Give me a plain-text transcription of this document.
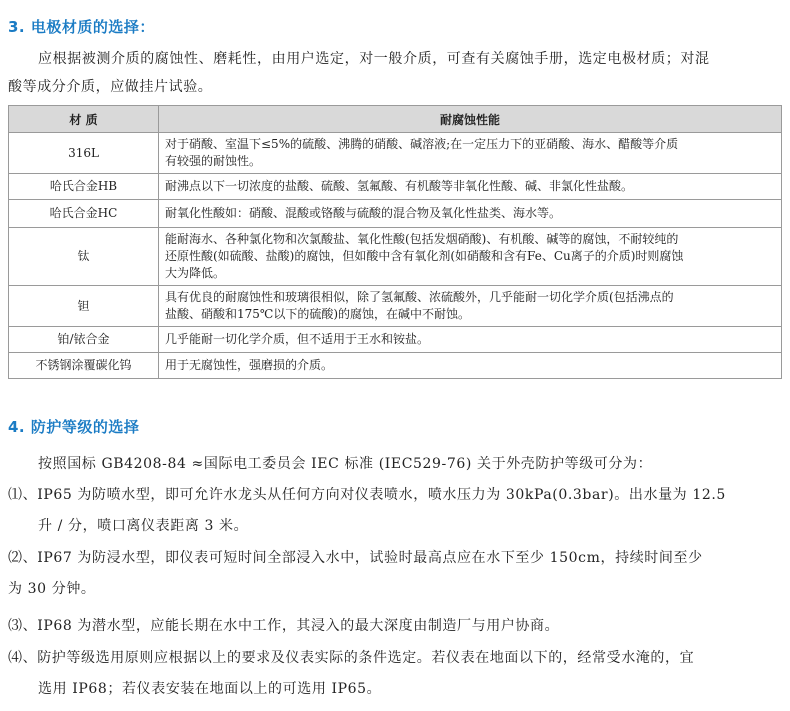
3. 电极材质的选择：
应根据被测介质的腐蚀性、磨耗性，由用户选定，对一般介质，可查有关腐蚀手册，选定电极材质；对混
酸等成分介质，应做挂片试验。
材 质	耐腐蚀性能
316L	对于硝酸、室温下≤5%的硫酸、沸腾的硝酸、碱溶液;在一定压力下的亚硝酸、海水、醋酸等介质
有较强的耐蚀性。

哈氏合金HB	耐沸点以下一切浓度的盐酸、硫酸、氢氟酸、有机酸等非氧化性酸、碱、非氯化性盐酸。

哈氏合金HC	耐氧化性酸如：硝酸、混酸或铬酸与硫酸的混合物及氧化性盐类、海水等。

钛	能耐海水、各种氯化物和次氯酸盐、氧化性酸(包括发烟硝酸)、有机酸、碱等的腐蚀，不耐较纯的
还原性酸(如硫酸、盐酸)的腐蚀，但如酸中含有氧化剂(如硝酸和含有Fe、Cu离子的介质)时则腐蚀
大为降低。

钽	具有优良的耐腐蚀性和玻璃很相似，除了氢氟酸、浓硫酸外，几乎能耐一切化学介质(包括沸点的
盐酸、硝酸和175℃以下的硫酸)的腐蚀，在碱中不耐蚀。

铂/铱合金	几乎能耐一切化学介质，但不适用于王水和铵盐。

不锈钢涂覆碳化钨	用于无腐蚀性，强磨损的介质。
4. 防护等级的选择
按照国标 GB4208-84 ≈国际电工委员会 IEC 标准 (IEC529-76) 关于外壳防护等级可分为：
⑴、IP65 为防喷水型，即可允许水龙头从任何方向对仪表喷水，喷水压力为 30kPa(0.3bar)。出水量为 12.5
升 / 分，喷口离仪表距离 3 米。
⑵、IP67 为防浸水型，即仪表可短时间全部浸入水中，试验时最高点应在水下至少 150cm，持续时间至少
为 30 分钟。
⑶、IP68 为潜水型，应能长期在水中工作，其浸入的最大深度由制造厂与用户协商。
⑷、防护等级选用原则应根据以上的要求及仪表实际的条件选定。若仪表在地面以下的，经常受水淹的，宜
选用 IP68；若仪表安装在地面以上的可选用 IP65。
